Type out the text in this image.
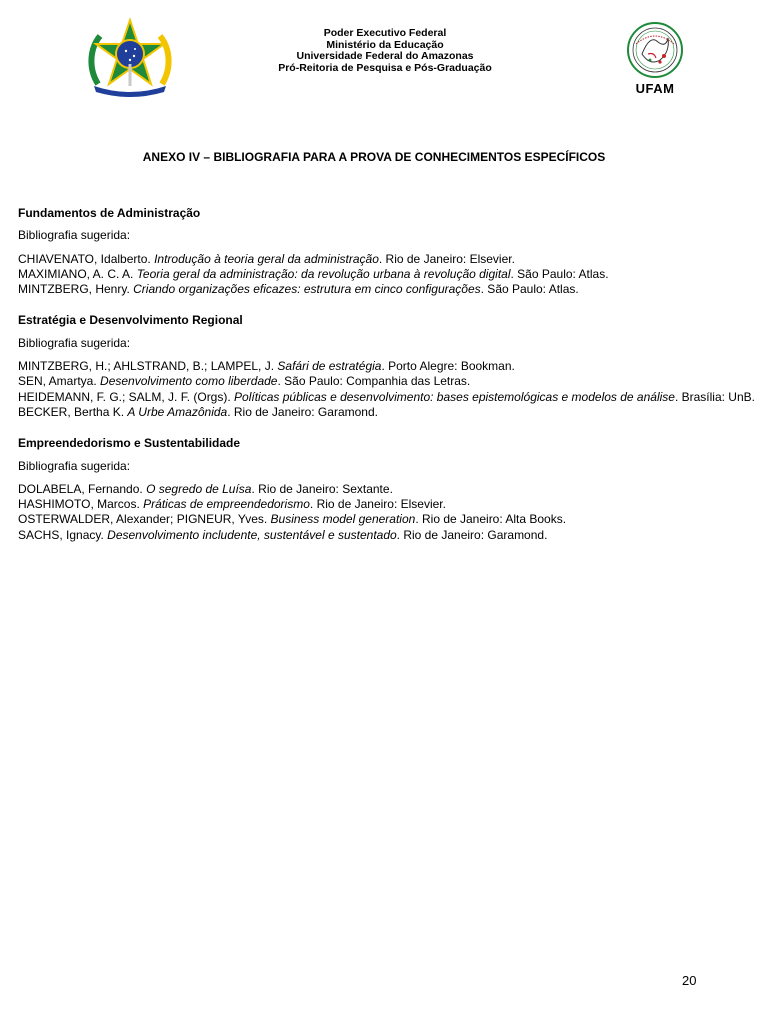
Poder Executivo Federal
Ministério da Educação
Universidade Federal do Amazonas
Pró-Reitoria de Pesquisa e Pós-Graduação
UFAM
ANEXO IV – BIBLIOGRAFIA PARA A PROVA DE CONHECIMENTOS ESPECÍFICOS
Fundamentos de Administração
Bibliografia sugerida:
CHIAVENATO, Idalberto. Introdução à teoria geral da administração. Rio de Janeiro: Elsevier.
MAXIMIANO, A. C. A. Teoria geral da administração: da revolução urbana à revolução digital. São Paulo: Atlas.
MINTZBERG, Henry. Criando organizações eficazes: estrutura em cinco configurações. São Paulo: Atlas.
Estratégia e Desenvolvimento Regional
Bibliografia sugerida:
MINTZBERG, H.; AHLSTRAND, B.; LAMPEL, J. Safári de estratégia. Porto Alegre: Bookman.
SEN, Amartya. Desenvolvimento como liberdade. São Paulo: Companhia das Letras.
HEIDEMANN, F. G.; SALM, J. F. (Orgs). Políticas públicas e desenvolvimento: bases epistemológicas e modelos de análise. Brasília: UnB.
BECKER, Bertha K. A Urbe Amazônida. Rio de Janeiro: Garamond.
Empreendedorismo e Sustentabilidade
Bibliografia sugerida:
DOLABELA, Fernando. O segredo de Luísa. Rio de Janeiro: Sextante.
HASHIMOTO, Marcos. Práticas de empreendedorismo. Rio de Janeiro: Elsevier.
OSTERWALDER, Alexander; PIGNEUR, Yves. Business model generation. Rio de Janeiro: Alta Books.
SACHS, Ignacy. Desenvolvimento includente, sustentável e sustentado. Rio de Janeiro: Garamond.
20
